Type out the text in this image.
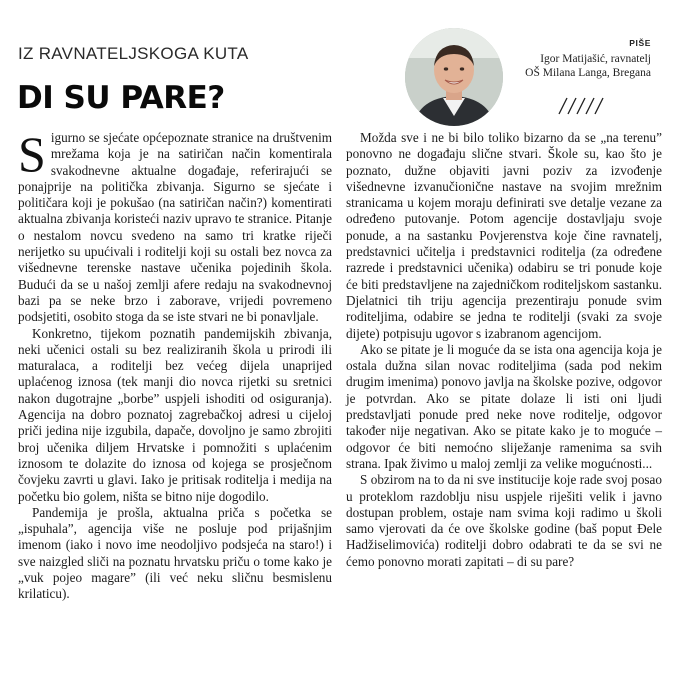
IZ RAVNATELJSKOGA KUTA
DI SU PARE?
PIŠE
Igor Matijašić, ravnatelj
OŠ Milana Langa, Bregana

Sigurno se sjećate općepoznate stranice na društvenim mrežama koja je na satiričan način komentirala svakodnevne aktualne događaje, referirajući se ponajprije na politička zbivanja. Sigurno se sjećate i političara koji je pokušao (na satiričan način?) komentirati aktualna zbivanja koristeći naziv upravo te stranice. Pitanje o nestalom novcu svedeno na samo tri kratke riječi nerijetko su upućivali i roditelji koji su ostali bez novca za višednevne terenske nastave učenika pojedinih škola. Budući da se u našoj zemlji afere redaju na svakodnevnoj bazi pa se neke brzo i zaborave, vrijedi povremeno podsjetiti, osobito stoga da se iste stvari ne bi ponavljale.

Konkretno, tijekom poznatih pandemijskih zbivanja, neki učenici ostali su bez realiziranih škola u prirodi ili maturalaca, a roditelji bez većeg dijela unaprijed uplaćenog iznosa (tek manji dio novca rijetki su sretnici nakon dugotrajne „borbe” uspjeli ishoditi od osiguranja). Agencija na dobro poznatoj zagrebačkoj adresi u cijeloj priči jedina nije izgubila, dapače, dovoljno je samo zbrojiti broj učenika diljem Hrvatske i pomnožiti s uplaćenim iznosom te dolazite do iznosa od kojega se prosječnom čovjeku zavrti u glavi. Iako je pritisak roditelja i medija na početku bio golem, ništa se bitno nije dogodilo.

Pandemija je prošla, aktualna priča s početka se „ispuhala”, agencija više ne posluje pod prijašnjim imenom (iako i novo ime neodoljivo podsjeća na staro!) i sve naizgled sliči na poznatu hrvatsku priču o tome kako je „vuk pojeo magare” (ili već neku sličnu besmislenu krilaticu).

Možda sve i ne bi bilo toliko bizarno da se „na terenu” ponovno ne događaju slične stvari. Škole su, kao što je poznato, dužne objaviti javni poziv za izvođenje višednevne izvanučionične nastave na svojim mrežnim stranicama u kojem moraju definirati sve detalje vezane za određeno putovanje. Potom agencije dostavljaju svoje ponude, a na sastanku Povjerenstva koje čine ravnatelj, predstavnici učitelja i predstavnici roditelja (za određene razrede i predstavnici učenika) odabiru se tri ponude koje će biti predstavljene na zajedničkom roditeljskom sastanku. Djelatnici tih triju agencija prezentiraju ponude svim roditeljima, odabire se jedna te roditelji (svaki za svoje dijete) potpisuju ugovor s izabranom agencijom.

Ako se pitate je li moguće da se ista ona agencija koja je ostala dužna silan novac roditeljima (sada pod nekim drugim imenima) ponovo javlja na školske pozive, odgovor je potvrdan. Ako se pitate dolaze li isti oni ljudi predstavljati ponude pred neke nove roditelje, odgovor također nije negativan. Ako se pitate kako je to moguće – odgovor će biti nemoćno sliježanje ramenima sa svih strana. Ipak živimo u maloj zemlji za velike mogućnosti...

S obzirom na to da ni sve institucije koje rade svoj posao u proteklom razdoblju nisu uspjele riješiti velik i javno dostupan problem, ostaje nam svima koji radimo u školi samo vjerovati da će ove školske godine (baš poput Đele Hadžiselimovića) roditelji dobro odabrati te da se svi ne ćemo ponovno morati zapitati – di su pare?
